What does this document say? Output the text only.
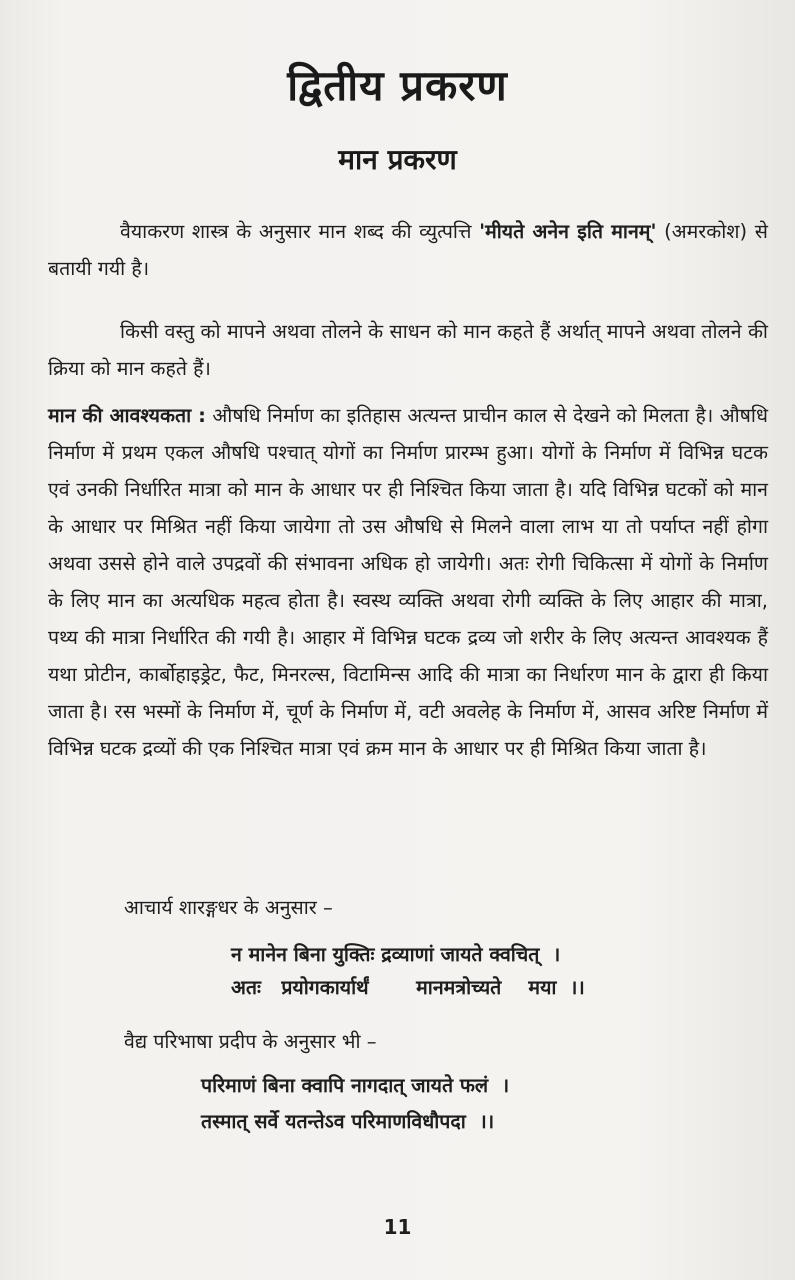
द्वितीय प्रकरण
मान प्रकरण
वैयाकरण शास्त्र के अनुसार मान शब्द की व्युत्पत्ति 'मीयते अनेन इति मानम्' (अमरकोश) से बतायी गयी है।
किसी वस्तु को मापने अथवा तोलने के साधन को मान कहते हैं अर्थात् मापने अथवा तोलने की क्रिया को मान कहते हैं।
मान की आवश्यकता : औषधि निर्माण का इतिहास अत्यन्त प्राचीन काल से देखने को मिलता है। औषधि निर्माण में प्रथम एकल औषधि पश्चात् योगों का निर्माण प्रारम्भ हुआ। योगों के निर्माण में विभिन्न घटक एवं उनकी निर्धारित मात्रा को मान के आधार पर ही निश्चित किया जाता है। यदि विभिन्न घटकों को मान के आधार पर मिश्रित नहीं किया जायेगा तो उस औषधि से मिलने वाला लाभ या तो पर्याप्त नहीं होगा अथवा उससे होने वाले उपद्रवों की संभावना अधिक हो जायेगी। अतः रोगी चिकित्सा में योगों के निर्माण के लिए मान का अत्यधिक महत्व होता है। स्वस्थ व्यक्ति अथवा रोगी व्यक्ति के लिए आहार की मात्रा, पथ्य की मात्रा निर्धारित की गयी है। आहार में विभिन्न घटक द्रव्य जो शरीर के लिए अत्यन्त आवश्यक हैं यथा प्रोटीन, कार्बोहाइड्रेट, फैट, मिनरल्स, विटामिन्स आदि की मात्रा का निर्धारण मान के द्वारा ही किया जाता है। रस भस्मों के निर्माण में, चूर्ण के निर्माण में, वटी अवलेह के निर्माण में, आसव अरिष्ट निर्माण में विभिन्न घटक द्रव्यों की एक निश्चित मात्रा एवं क्रम मान के आधार पर ही मिश्रित किया जाता है।
आचार्य शारङ्गधर के अनुसार –
न मानेन बिना युक्तिः द्रव्याणां जायते क्वचित्  ।
अतः   प्रयोगकार्यार्थं       मानमत्रोच्यते    मया  ।।
वैद्य परिभाषा प्रदीप के अनुसार भी –
परिमाणं बिना क्वापि नागदात् जायते फलं  ।
तस्मात् सर्वे यतन्तेऽव परिमाणविधौपदा  ।।
11
